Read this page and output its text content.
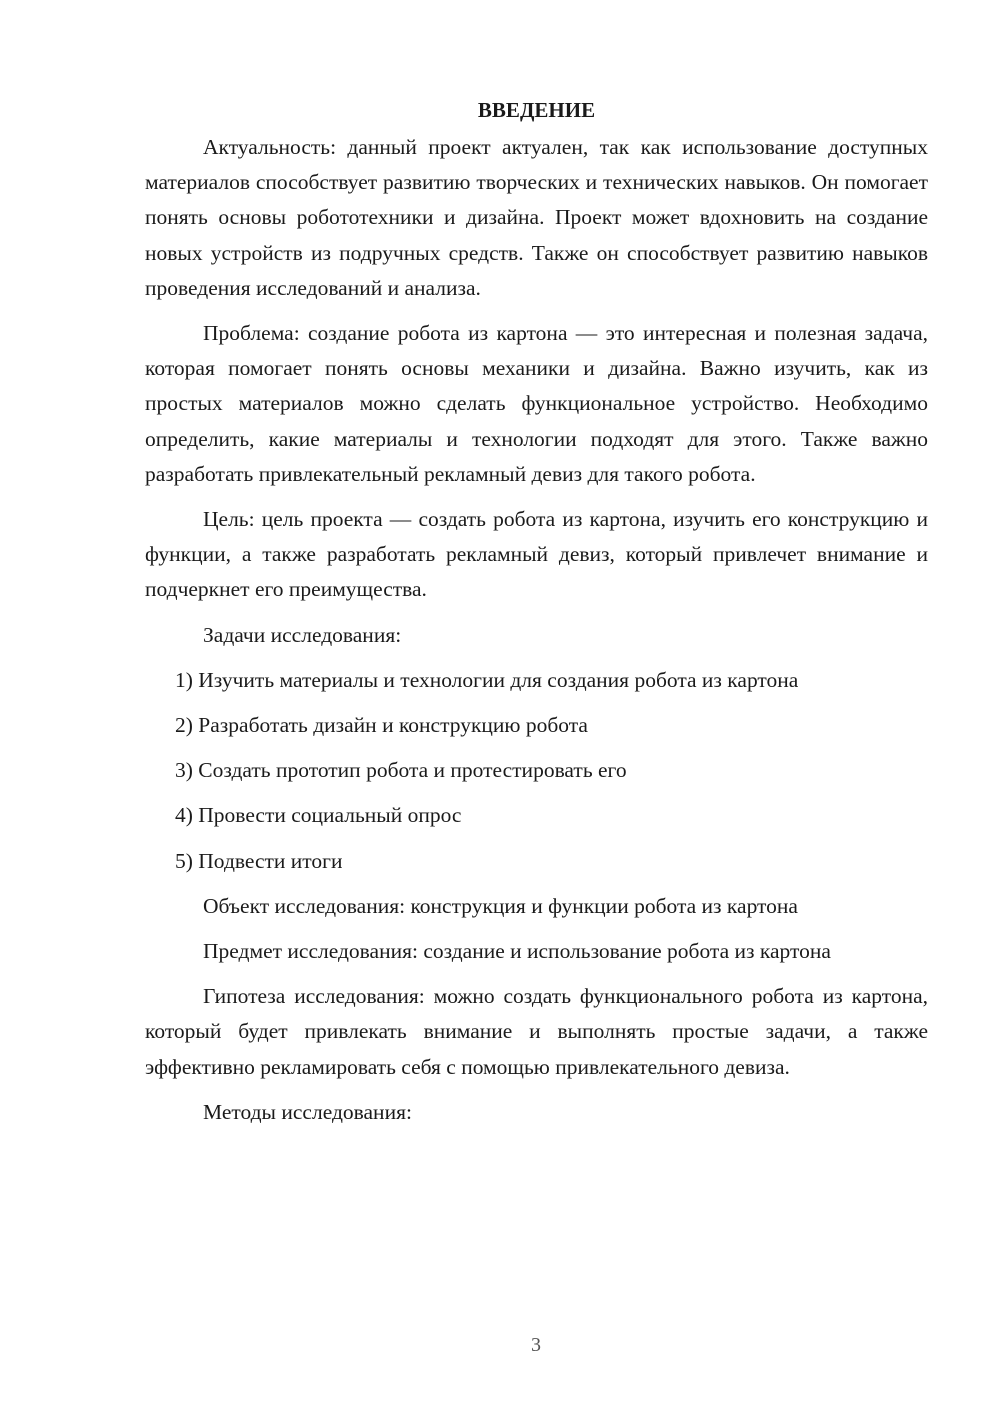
ВВЕДЕНИЕ

Актуальность: данный проект актуален, так как использование доступных материалов способствует развитию творческих и технических навыков. Он помогает понять основы робототехники и дизайна. Проект может вдохновить на создание новых устройств из подручных средств. Также он способствует развитию навыков проведения исследований и анализа.

Проблема: создание робота из картона — это интересная и полезная задача, которая помогает понять основы механики и дизайна. Важно изучить, как из простых материалов можно сделать функциональное устройство. Необходимо определить, какие материалы и технологии подходят для этого. Также важно разработать привлекательный рекламный девиз для такого робота.

Цель: цель проекта — создать робота из картона, изучить его конструкцию и функции, а также разработать рекламный девиз, который привлечет внимание и подчеркнет его преимущества.

Задачи исследования:

1) Изучить материалы и технологии для создания робота из картона

2) Разработать дизайн и конструкцию робота

3) Создать прототип робота и протестировать его

4) Провести социальный опрос

5) Подвести итоги

Объект исследования: конструкция и функции робота из картона

Предмет исследования: создание и использование робота из картона

Гипотеза исследования: можно создать функционального робота из картона, который будет привлекать внимание и выполнять простые задачи, а также эффективно рекламировать себя с помощью привлекательного девиза.

Методы исследования:

3
